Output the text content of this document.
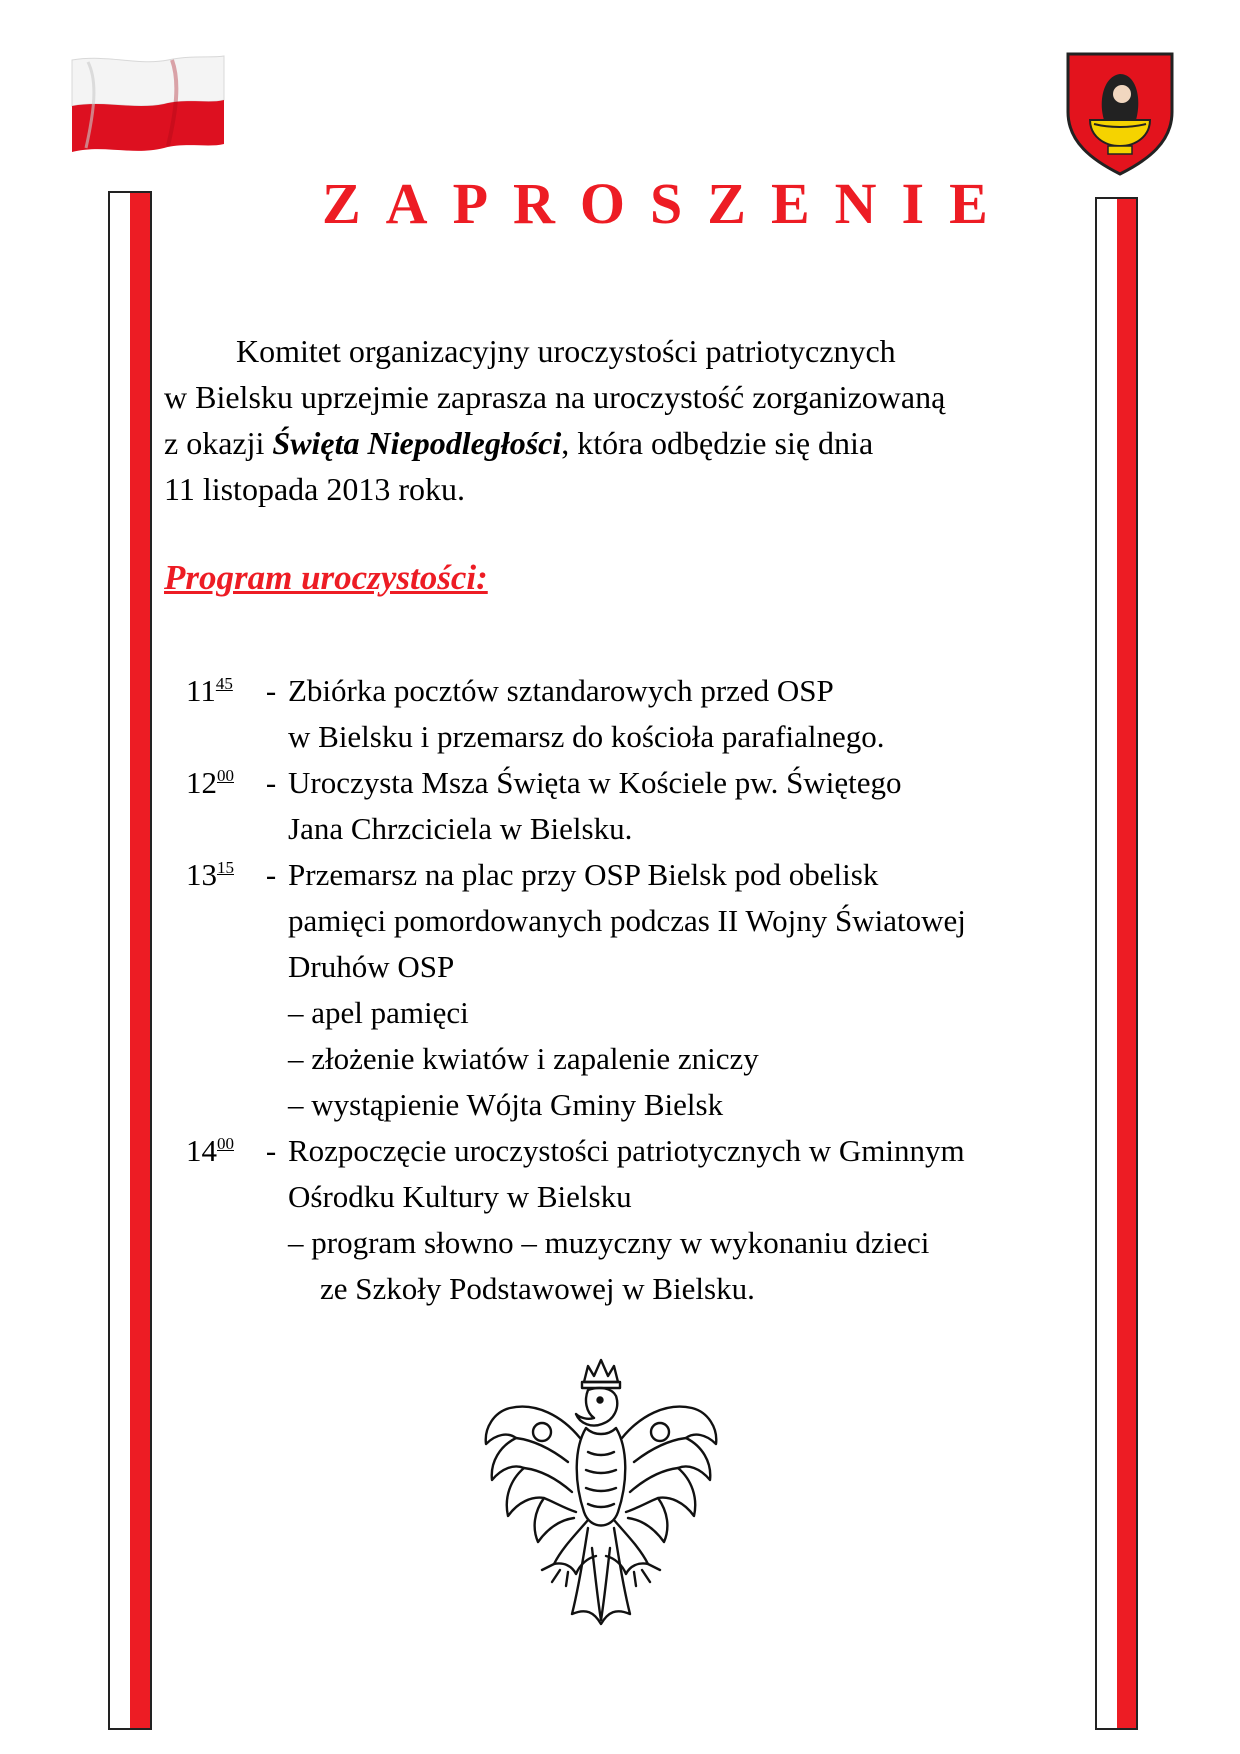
ZAPROSZENIE
Komitet organizacyjny uroczystości patriotycznych
w Bielsku uprzejmie zaprasza na uroczystość zorganizowaną
z okazji Święta Niepodległości, która odbędzie się dnia
11 listopada 2013 roku.
Program uroczystości:
$11^{45}$	- Zbiórka pocztów sztandarowych przed OSP
w Bielsku i przemarsz do kościoła parafialnego.
$12^{00}$	- Uroczysta Msza Święta w Kościele pw. Świętego
Jana Chrzciciela w Bielsku.
$13^{15}$	- Przemarsz na plac przy OSP Bielsk pod obelisk
pamięci pomordowanych podczas II Wojny Światowej
Druhów OSP
– apel pamięci
– złożenie kwiatów i zapalenie zniczy
– wystąpienie Wójta Gminy Bielsk
$14^{00}$	- Rozpoczęcie uroczystości patriotycznych w Gminnym
Ośrodku Kultury w Bielsku
– program słowno – muzyczny w wykonaniu dzieci
ze Szkoły Podstawowej w Bielsku.
